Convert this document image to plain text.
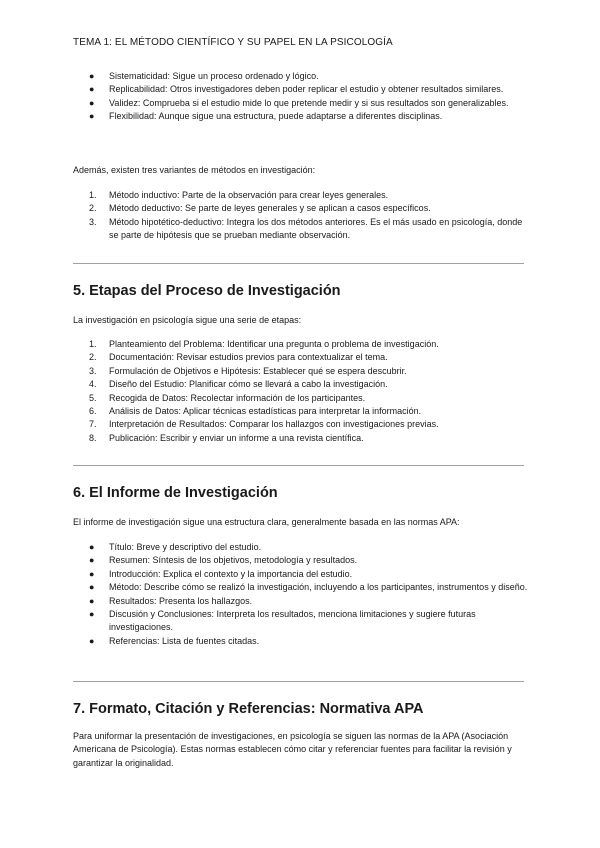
TEMA 1: EL MÉTODO CIENTÍFICO Y SU PAPEL EN LA PSICOLOGÍA
● Sistematicidad: Sigue un proceso ordenado y lógico.
● Replicabilidad: Otros investigadores deben poder replicar el estudio y obtener resultados similares.
● Validez: Comprueba si el estudio mide lo que pretende medir y si sus resultados son generalizables.
● Flexibilidad: Aunque sigue una estructura, puede adaptarse a diferentes disciplinas.

Además, existen tres variantes de métodos en investigación:

1. Método inductivo: Parte de la observación para crear leyes generales.
2. Método deductivo: Se parte de leyes generales y se aplican a casos específicos.
3. Método hipotético-deductivo: Integra los dos métodos anteriores. Es el más usado en psicología, donde se parte de hipótesis que se prueban mediante observación.
5. Etapas del Proceso de Investigación

La investigación en psicología sigue una serie de etapas:

1. Planteamiento del Problema: Identificar una pregunta o problema de investigación.
2. Documentación: Revisar estudios previos para contextualizar el tema.
3. Formulación de Objetivos e Hipótesis: Establecer qué se espera descubrir.
4. Diseño del Estudio: Planificar cómo se llevará a cabo la investigación.
5. Recogida de Datos: Recolectar información de los participantes.
6. Análisis de Datos: Aplicar técnicas estadísticas para interpretar la información.
7. Interpretación de Resultados: Comparar los hallazgos con investigaciones previas.
8. Publicación: Escribir y enviar un informe a una revista científica.
6. El Informe de Investigación

El informe de investigación sigue una estructura clara, generalmente basada en las normas APA:

● Título: Breve y descriptivo del estudio.
● Resumen: Síntesis de los objetivos, metodología y resultados.
● Introducción: Explica el contexto y la importancia del estudio.
● Método: Describe cómo se realizó la investigación, incluyendo a los participantes, instrumentos y diseño.
● Resultados: Presenta los hallazgos.
● Discusión y Conclusiones: Interpreta los resultados, menciona limitaciones y sugiere futuras investigaciones.
● Referencias: Lista de fuentes citadas.
7. Formato, Citación y Referencias: Normativa APA

Para uniformar la presentación de investigaciones, en psicología se siguen las normas de la APA (Asociación Americana de Psicología). Estas normas establecen cómo citar y referenciar fuentes para facilitar la revisión y garantizar la originalidad.
